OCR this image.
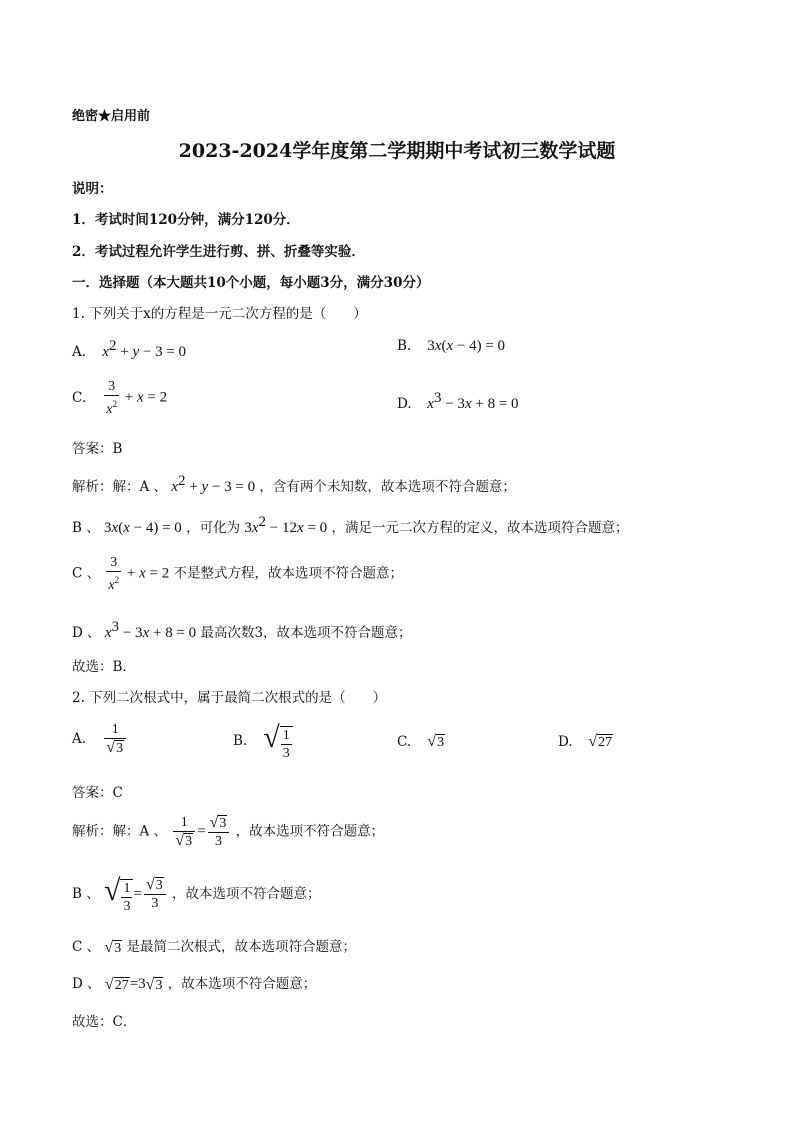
绝密★启用前
2023-2024学年度第二学期期中考试初三数学试题
说明：
1．考试时间120分钟，满分120分．
2．考试过程允许学生进行剪、拼、折叠等实验．
一．选择题（本大题共10个小题，每小题3分，满分30分）
1. 下列关于x的方程是一元二次方程的是（　　）
A. $x^2 + y - 3 = 0$	B. 3x(x − 4) = 0
C. $\frac{3}{x^2} + x = 2$	D. $x^3 - 3x + 8 = 0$
答案：B
解析：解：A 、 $x^2 + y - 3 = 0$ ，含有两个未知数，故本选项不符合题意；
B 、 3x(x − 4) = 0 ，可化为 $3x^2 - 12x = 0$ ，满足一元二次方程的定义，故本选项符合题意；
C 、 $\frac{3}{x^2} + x = 2$ 不是整式方程，故本选项不符合题意；
D 、 $x^3 - 3x + 8 = 0$ 最高次数3，故本选项不符合题意；
故选：B．
2. 下列二次根式中，属于最简二次根式的是（　　）
A. $\frac{1}{√3}$	B. √ $\frac{1}{3}$	C. √3	D. √27
答案：C
解析：解：A 、 $\frac{1}{√3} = \frac{√3}{3}$ ，故本选项不符合题意；
B 、 √ $\frac{1}{3} = \frac{√3}{3}$ ，故本选项不符合题意；
C 、 √3 是最简二次根式，故本选项符合题意；
D 、 √27=3√3 ，故本选项不符合题意；
故选：C．
